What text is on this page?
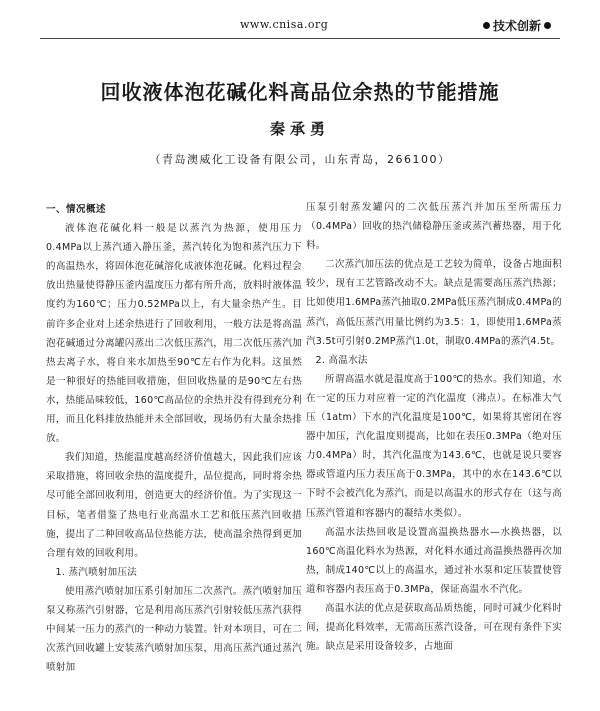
www.cnisa.org	技术创新
回收液体泡花碱化料高品位余热的节能措施
秦承勇
（青岛澳威化工设备有限公司，山东青岛，266100）
一、情况概述

液体泡花碱化料一般是以蒸汽为热源，使用压力0.4MPa以上蒸汽通入静压釜，蒸汽转化为饱和蒸汽压力下的高温热水，将固体泡花碱溶化成液体泡花碱。化料过程会放出热量使得静压釜内温度压力都有所升高，放料时液体温度约为160℃；压力0.52MPa以上，有大量余热产生。目前许多企业对上述余热进行了回收利用，一般方法是将高温泡花碱通过分离罐闪蒸出二次低压蒸汽，用二次低压蒸汽加热去离子水，将自来水加热至90℃左右作为化料。这虽然是一种很好的热能回收措施，但回收热量的是90℃左右热水，热能品味较低，160℃高品位的余热并没有得到充分利用，而且化料排放热能并未全部回收，现场仍有大量余热排放。

我们知道，热能温度越高经济价值越大，因此我们应该采取措施，将回收余热的温度提升，品位提高，同时将余热尽可能全部回收利用，创造更大的经济价值。为了实现这一目标，笔者借鉴了热电行业高温水工艺和低压蒸汽回收措施，提出了二种回收高品位热能方法，使高温余热得到更加合理有效的回收利用。

1. 蒸汽喷射加压法

使用蒸汽喷射加压系引射加压二次蒸汽。蒸汽喷射加压泵又称蒸汽引射器，它是利用高压蒸汽引射较低压蒸汽获得中间某一压力的蒸汽的一种动力装置。针对本项目，可在二次蒸汽回收罐上安装蒸汽喷射加压泵，用高压蒸汽通过蒸汽喷射加

压泵引射蒸发罐闪的二次低压蒸汽并加压至所需压力（0.4MPa）回收的热汽储稳静压釜或蒸汽蓄热器，用于化料。

二次蒸汽加压法的优点是工艺较为简单，设备占地面积较少，现有工艺管路改动不大。缺点是需要高压蒸汽热源；比如使用1.6MPa蒸汽抽取0.2MPa低压蒸汽制成0.4MPa的蒸汽，高低压蒸汽用量比例约为3.5：1，即使用1.6MPa蒸汽3.5t可引射0.2MP蒸汽1.0t，制取0.4MPa的蒸汽4.5t。

2. 高温水法

所谓高温水就是温度高于100℃的热水。我们知道，水在一定的压力对应着一定的汽化温度（沸点）。在标准大气压（1atm）下水的汽化温度是100℃，如果将其密闭在容器中加压，汽化温度则提高，比如在表压0.3MPa（绝对压力0.4MPa）时，其汽化温度为143.6℃，也就是说只要容器或管道内压力表压高于0.3MPa，其中的水在143.6℃以下时不会被汽化为蒸汽，而是以高温水的形式存在（这与高压蒸汽管道和容器内的凝结水类似）。

高温水法热回收是设置高温换热器水—水换热器，以160℃高温化料水为热源，对化料水通过高温换热器再次加热，制成140℃以上的高温水，通过补水泵和定压装置使管道和容器内表压高于0.3MPa，保证高温水不汽化。

高温水法的优点是获取高品质热能，同时可减少化料时间，提高化料效率，无需高压蒸汽设备，可在现有条件下实施。缺点是采用设备较多，占地面
